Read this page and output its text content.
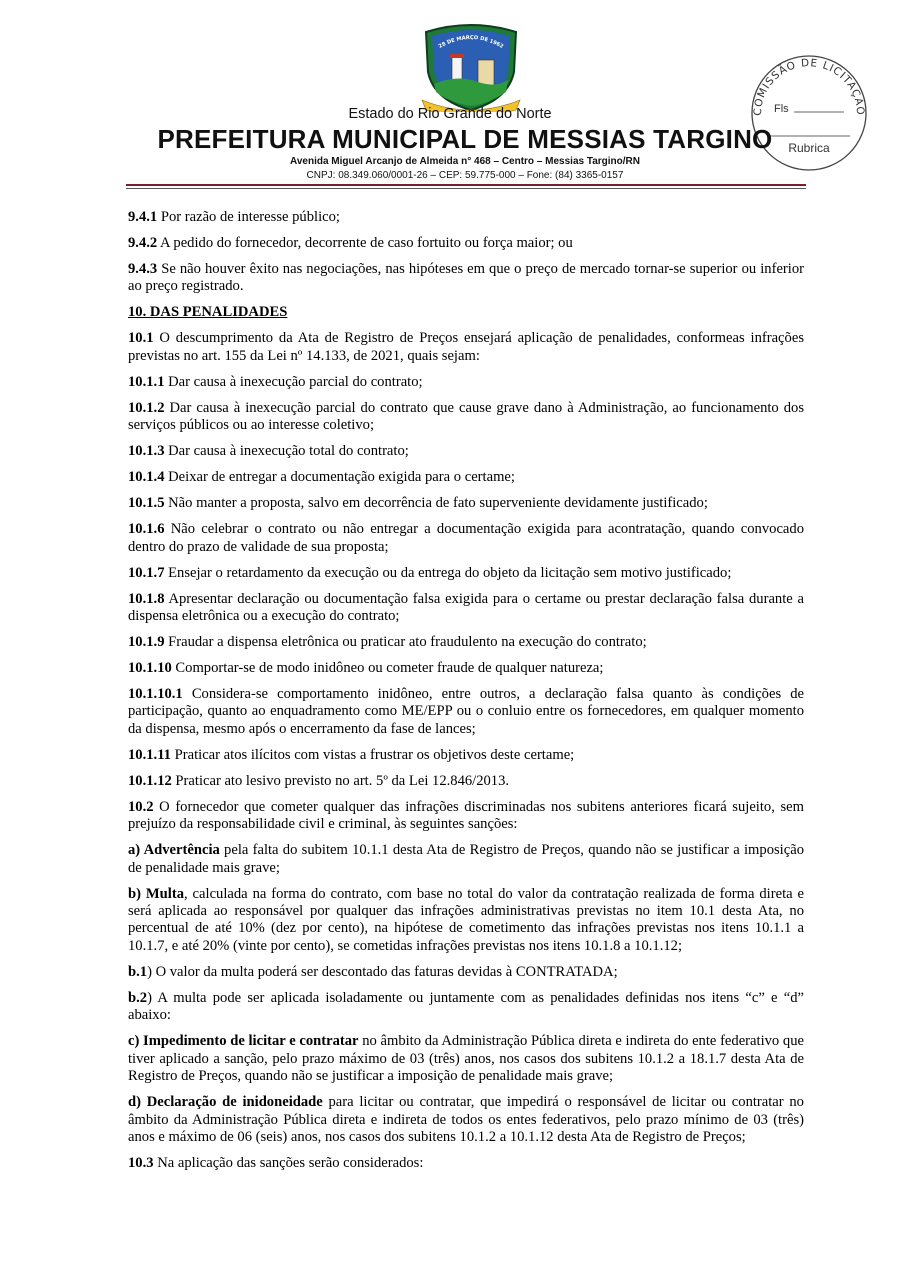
28 DE MARÇO DE 1962
COMISSÃO DE LICITAÇÃO
Fls
Rubrica
Estado do Rio Grande do Norte
PREFEITURA MUNICIPAL DE MESSIAS TARGINO
Avenida Miguel Arcanjo de Almeida n° 468 – Centro – Messias Targino/RN
CNPJ: 08.349.060/0001-26 – CEP: 59.775-000 – Fone: (84) 3365-0157

9.4.1 Por razão de interesse público;

9.4.2 A pedido do fornecedor, decorrente de caso fortuito ou força maior; ou

9.4.3 Se não houver êxito nas negociações, nas hipóteses em que o preço de mercado tornar-se superior ou inferior ao preço registrado.

10. DAS PENALIDADES

10.1 O descumprimento da Ata de Registro de Preços ensejará aplicação de penalidades, conformeas infrações previstas no art. 155 da Lei nº 14.133, de 2021, quais sejam:

10.1.1 Dar causa à inexecução parcial do contrato;

10.1.2 Dar causa à inexecução parcial do contrato que cause grave dano à Administração, ao funcionamento dos serviços públicos ou ao interesse coletivo;

10.1.3 Dar causa à inexecução total do contrato;

10.1.4 Deixar de entregar a documentação exigida para o certame;

10.1.5 Não manter a proposta, salvo em decorrência de fato superveniente devidamente justificado;

10.1.6 Não celebrar o contrato ou não entregar a documentação exigida para acontratação, quando convocado dentro do prazo de validade de sua proposta;

10.1.7 Ensejar o retardamento da execução ou da entrega do objeto da licitação sem motivo justificado;

10.1.8 Apresentar declaração ou documentação falsa exigida para o certame ou prestar declaração falsa durante a dispensa eletrônica ou a execução do contrato;

10.1.9 Fraudar a dispensa eletrônica ou praticar ato fraudulento na execução do contrato;

10.1.10 Comportar-se de modo inidôneo ou cometer fraude de qualquer natureza;

10.1.10.1 Considera-se comportamento inidôneo, entre outros, a declaração falsa quanto às condições de participação, quanto ao enquadramento como ME/EPP ou o conluio entre os fornecedores, em qualquer momento da dispensa, mesmo após o encerramento da fase de lances;

10.1.11 Praticar atos ilícitos com vistas a frustrar os objetivos deste certame;

10.1.12 Praticar ato lesivo previsto no art. 5º da Lei 12.846/2013.

10.2 O fornecedor que cometer qualquer das infrações discriminadas nos subitens anteriores ficará sujeito, sem prejuízo da responsabilidade civil e criminal, às seguintes sanções:

a) Advertência pela falta do subitem 10.1.1 desta Ata de Registro de Preços, quando não se justificar a imposição de penalidade mais grave;

b) Multa, calculada na forma do contrato, com base no total do valor da contratação realizada de forma direta e será aplicada ao responsável por qualquer das infrações administrativas previstas no item 10.1 desta Ata, no percentual de até 10% (dez por cento), na hipótese de cometimento das infrações previstas nos itens 10.1.1 a 10.1.7, e até 20% (vinte por cento), se cometidas infrações previstas nos itens 10.1.8 a 10.1.12;

b.1) O valor da multa poderá ser descontado das faturas devidas à CONTRATADA;

b.2) A multa pode ser aplicada isoladamente ou juntamente com as penalidades definidas nos itens “c” e “d” abaixo:

c) Impedimento de licitar e contratar no âmbito da Administração Pública direta e indireta do ente federativo que tiver aplicado a sanção, pelo prazo máximo de 03 (três) anos, nos casos dos subitens 10.1.2 a 18.1.7 desta Ata de Registro de Preços, quando não se justificar a imposição de penalidade mais grave;

d) Declaração de inidoneidade para licitar ou contratar, que impedirá o responsável de licitar ou contratar no âmbito da Administração Pública direta e indireta de todos os entes federativos, pelo prazo mínimo de 03 (três) anos e máximo de 06 (seis) anos, nos casos dos subitens 10.1.2 a 10.1.12 desta Ata de Registro de Preços;

10.3 Na aplicação das sanções serão considerados:
